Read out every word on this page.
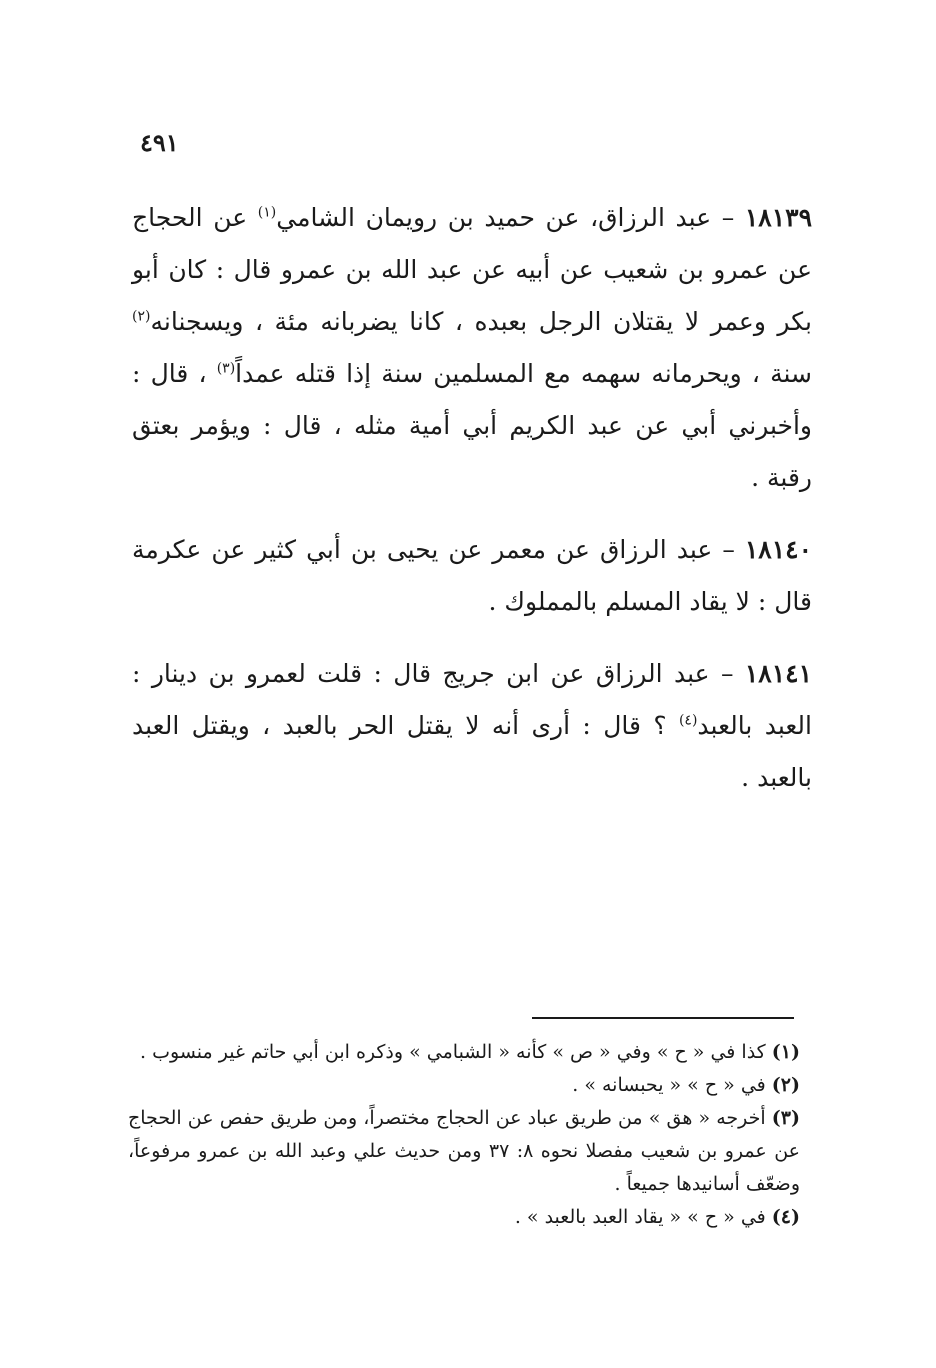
٤٩١

١٨١٣٩ – عبد الرزاق، عن حميد بن رويمان الشامي$^{(١)}$ عن الحجاج عن عمرو بن شعيب عن أبيه عن عبد الله بن عمرو قال : كان أبو بكر وعمر لا يقتلان الرجل بعبده ، كانا يضربانه مئة ، ويسجنانه$^{(٢)}$ سنة ، ويحرمانه سهمه مع المسلمين سنة إذا قتله عمداً$^{(٣)}$ ، قال : وأخبرني أبي عن عبد الكريم أبي أمية مثله ، قال : ويؤمر بعتق رقبة .

١٨١٤٠ – عبد الرزاق عن معمر عن يحيى بن أبي كثير عن عكرمة قال : لا يقاد المسلم بالمملوك .

١٨١٤١ – عبد الرزاق عن ابن جريج قال : قلت لعمرو بن دينار : العبد بالعبد$^{(٤)}$ ؟ قال : أرى أنه لا يقتل الحر بالعبد ، ويقتل العبد بالعبد .

(١) كذا في « ح » وفي « ص » كأنه « الشبامي » وذكره ابن أبي حاتم غير منسوب .

(٢) في « ح » « يحبسانه » .

(٣) أخرجه « هق » من طريق عباد عن الحجاج مختصراً، ومن طريق حفص عن الحجاج عن عمرو بن شعيب مفصلا نحوه ٨: ٣٧ ومن حديث علي وعبد الله بن عمرو مرفوعاً، وضعّف أسانيدها جميعاً .

(٤) في « ح » « يقاد العبد بالعبد » .
